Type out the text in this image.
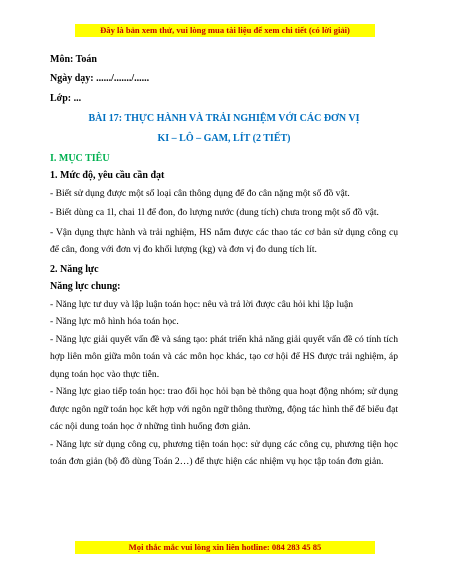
Đây là bản xem thử, vui lòng mua tài liệu để xem chi tiết (có lời giải)

Môn: Toán

Ngày dạy: ....../......./......

Lớp: ...

BÀI 17: THỰC HÀNH VÀ TRẢI NGHIỆM VỚI CÁC ĐƠN VỊ

KI – LÔ – GAM, LÍT (2 TIẾT)

I. MỤC TIÊU

1. Mức độ, yêu cầu cần đạt

- Biết sử dụng được một số loại cân thông dụng để đo cân nặng một số đồ vật.

- Biết dùng ca 1l, chai 1l để đon, đo lượng nước (dung tích) chưa trong một số đồ vật.

- Vận dụng thực hành và trải nghiệm, HS nắm được các thao tác cơ bản sử dụng công cụ để cân, đong với đơn vị đo khối lượng (kg) và đơn vị đo dung tích lít.

2. Năng lực

Năng lực chung:

- Năng lực tư duy và lập luận toán học: nêu và trả lời được câu hỏi khi lập luận

- Năng lực mô hình hóa toán học.

- Năng lực giải quyết vấn đề và sáng tạo: phát triển khả năng giải quyết vấn đề có tính tích hợp liên môn giữa môn toán và các môn học khác, tạo cơ hội để HS được trải nghiệm, áp dụng toán học vào thực tiễn.

- Năng lực giao tiếp toán học: trao đổi học hỏi bạn bè thông qua hoạt động nhóm; sử dụng được ngôn ngữ toán học kết hợp với ngôn ngữ thông thường, động tác hình thể để biểu đạt các nội dung toán học ở những tình huống đơn giản.

- Năng lực sử dụng công cụ, phương tiện toán học: sử dụng các công cụ, phương tiện học toán đơn giản (bộ đồ dùng Toán 2…) để thực hiện các nhiệm vụ học tập toán đơn giản.

Mọi thắc mắc vui lòng xin liên hotline: 084 283 45 85
